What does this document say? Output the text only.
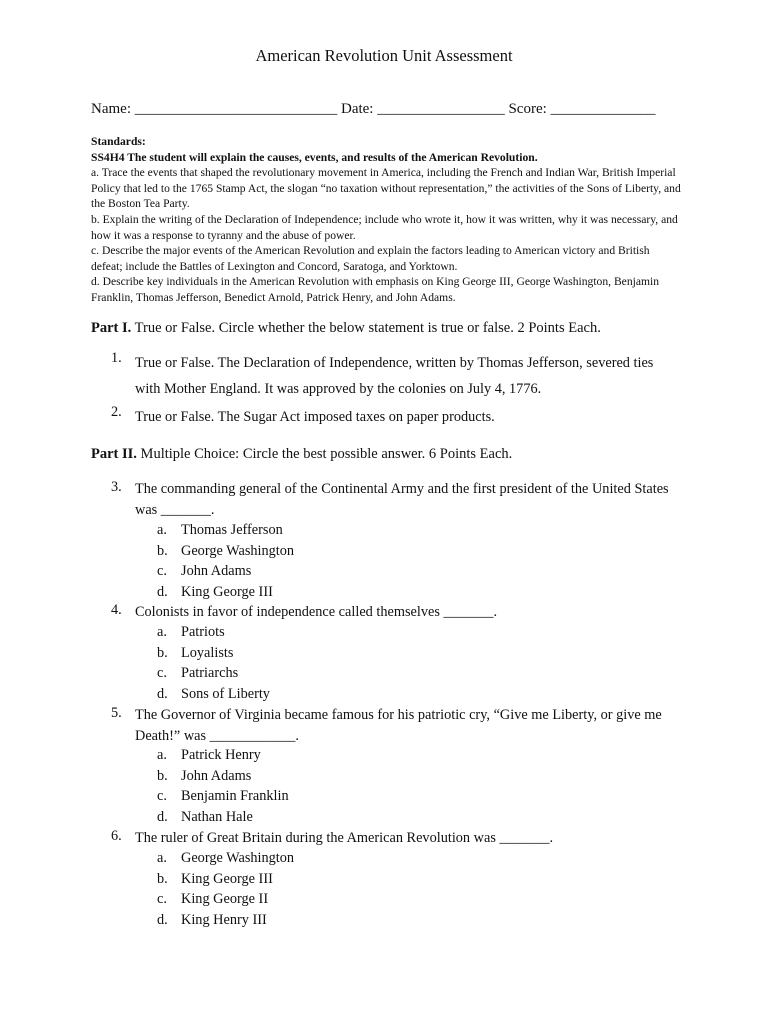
American Revolution Unit Assessment
Name: ___________________________ Date: _________________ Score: ______________
Standards:
SS4H4 The student will explain the causes, events, and results of the American Revolution.
a. Trace the events that shaped the revolutionary movement in America, including the French and Indian War, British Imperial Policy that led to the 1765 Stamp Act, the slogan “no taxation without representation,” the activities of the Sons of Liberty, and the Boston Tea Party.
b. Explain the writing of the Declaration of Independence; include who wrote it, how it was written, why it was necessary, and how it was a response to tyranny and the abuse of power.
c. Describe the major events of the American Revolution and explain the factors leading to American victory and British defeat; include the Battles of Lexington and Concord, Saratoga, and Yorktown.
d. Describe key individuals in the American Revolution with emphasis on King George III, George Washington, Benjamin Franklin, Thomas Jefferson, Benedict Arnold, Patrick Henry, and John Adams.
Part I. True or False. Circle whether the below statement is true or false. 2 Points Each.
1. True or False. The Declaration of Independence, written by Thomas Jefferson, severed ties with Mother England. It was approved by the colonies on July 4, 1776.
2. True or False. The Sugar Act imposed taxes on paper products.
Part II. Multiple Choice: Circle the best possible answer. 6 Points Each.
3. The commanding general of the Continental Army and the first president of the United States was _______.
a. Thomas Jefferson
b. George Washington
c. John Adams
d. King George III
4. Colonists in favor of independence called themselves _______.
a. Patriots
b. Loyalists
c. Patriarchs
d. Sons of Liberty
5. The Governor of Virginia became famous for his patriotic cry, “Give me Liberty, or give me Death!” was ____________.
a. Patrick Henry
b. John Adams
c. Benjamin Franklin
d. Nathan Hale
6. The ruler of Great Britain during the American Revolution was _______.
a. George Washington
b. King George III
c. King George II
d. King Henry III
